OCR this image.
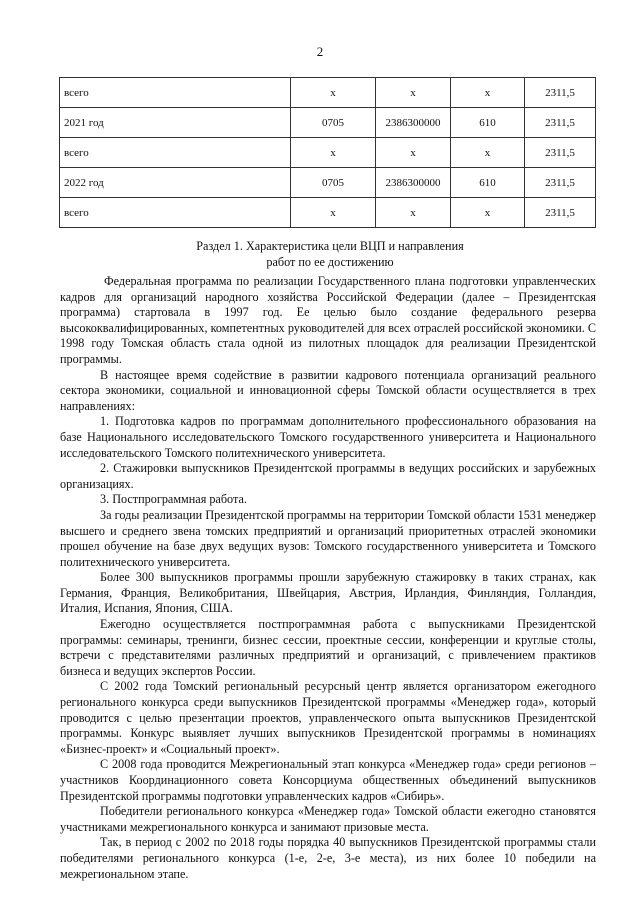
2
всего	x	x	x	2311,5
2021 год	0705	2386300000	610	2311,5
всего	x	x	x	2311,5
2022 год	0705	2386300000	610	2311,5
всего	x	x	x	2311,5
Раздел 1. Характеристика цели ВЦП и направления
работ по ее достижению

Федеральная программа по реализации Государственного плана подготовки управленческих кадров для организаций народного хозяйства Российской Федерации (далее – Президентская программа) стартовала в 1997 год. Ее целью было создание федерального резерва высококвалифицированных, компетентных руководителей для всех отраслей российской экономики. С 1998 году Томская область стала одной из пилотных площадок для реализации Президентской программы.

В настоящее время содействие в развитии кадрового потенциала организаций реального сектора экономики, социальной и инновационной сферы Томской области осуществляется в трех направлениях:

1. Подготовка кадров по программам дополнительного профессионального образования на базе Национального исследовательского Томского государственного университета и Национального исследовательского Томского политехнического университета.

2. Стажировки выпускников Президентской программы в ведущих российских и зарубежных организациях.

3. Постпрограммная работа.

За годы реализации Президентской программы на территории Томской области 1531 менеджер высшего и среднего звена томских предприятий и организаций приоритетных отраслей экономики прошел обучение на базе двух ведущих вузов: Томского государственного университета и Томского политехнического университета.

Более 300 выпускников программы прошли зарубежную стажировку в таких странах, как Германия, Франция, Великобритания, Швейцария, Австрия, Ирландия, Финляндия, Голландия, Италия, Испания, Япония, США.

Ежегодно осуществляется постпрограммная работа с выпускниками Президентской программы: семинары, тренинги, бизнес сессии, проектные сессии, конференции и круглые столы, встречи с представителями различных предприятий и организаций, с привлечением практиков бизнеса и ведущих экспертов России.

С 2002 года Томский региональный ресурсный центр является организатором ежегодного регионального конкурса среди выпускников Президентской программы «Менеджер года», который проводится с целью презентации проектов, управленческого опыта выпускников Президентской программы. Конкурс выявляет лучших выпускников Президентской программы в номинациях «Бизнес-проект» и «Социальный проект».

С 2008 года проводится Межрегиональный этап конкурса «Менеджер года» среди регионов – участников Координационного совета Консорциума общественных объединений выпускников Президентской программы подготовки управленческих кадров «Сибирь».

Победители регионального конкурса «Менеджер года» Томской области ежегодно становятся участниками межрегионального конкурса и занимают призовые места.

Так, в период с 2002 по 2018 годы порядка 40 выпускников Президентской программы стали победителями регионального конкурса (1-е, 2-е, 3-е места), из них более 10 победили на межрегиональном этапе.
